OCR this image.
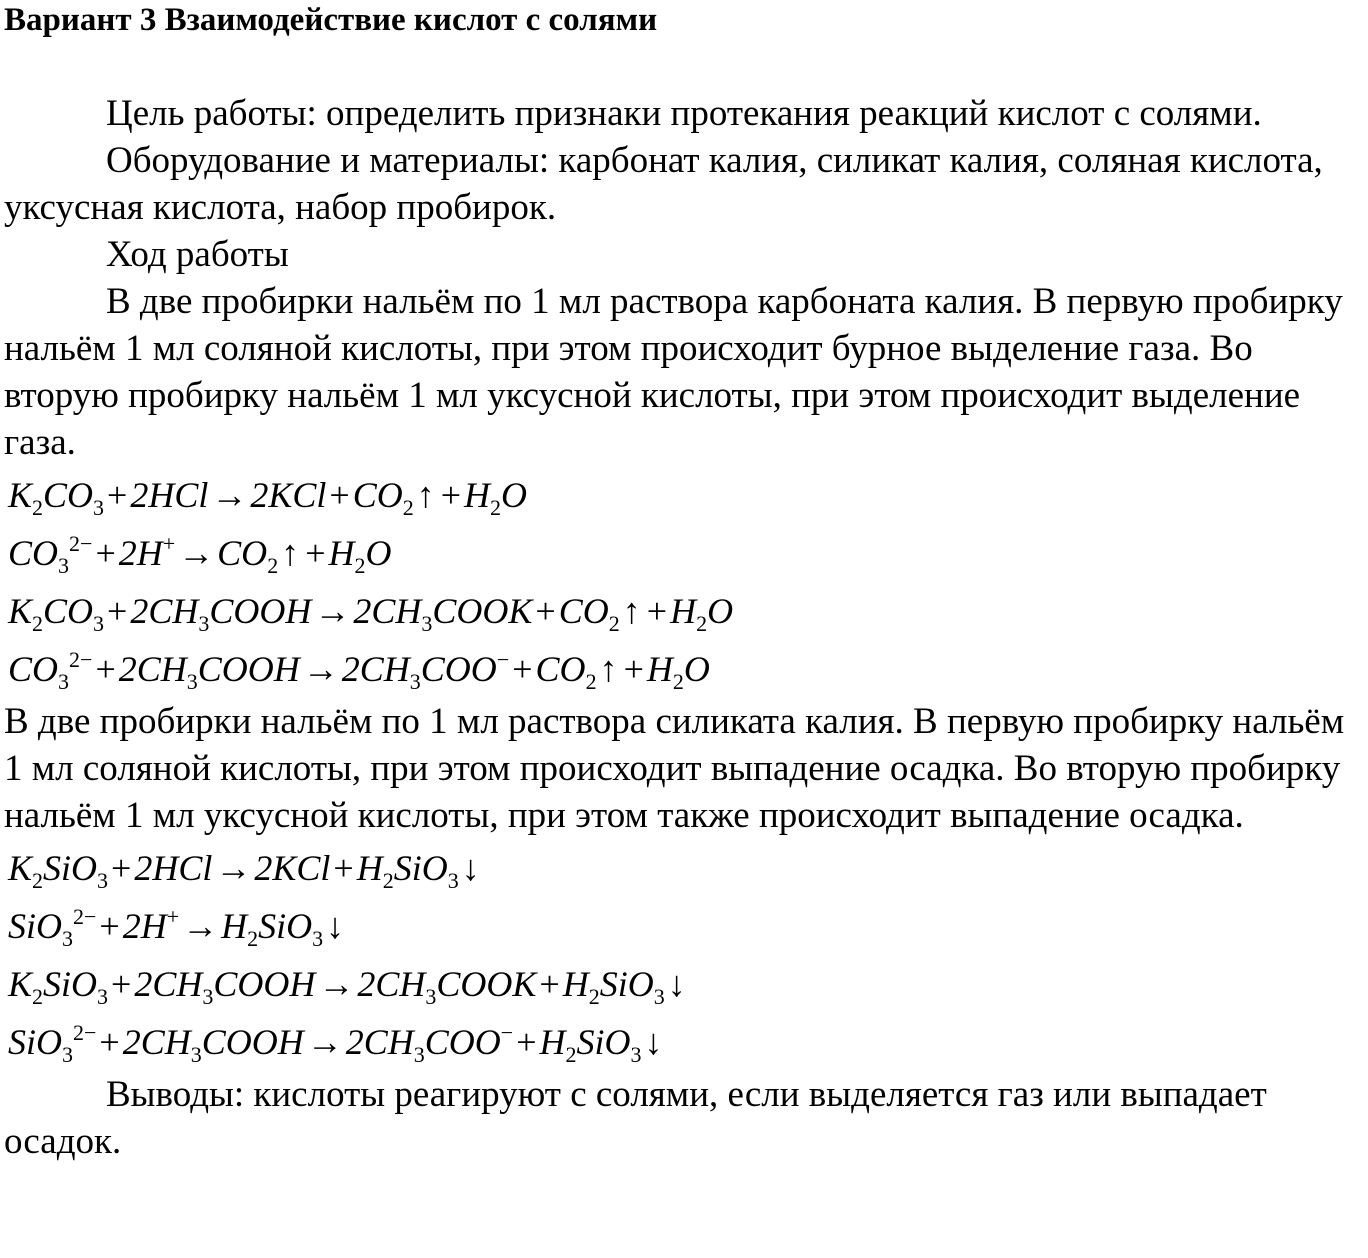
Вариант 3 Взаимодействие кислот с солями

Цель работы: определить признаки протекания реакций кислот с солями.

Оборудование и материалы: карбонат калия, силикат калия, соляная кислота, уксусная кислота, набор пробирок.

Ход работы

В две пробирки нальём по 1 мл раствора карбоната калия. В первую пробирку нальём 1 мл соляной кислоты, при этом происходит бурное выделение газа. Во вторую пробирку нальём 1 мл уксусной кислоты, при этом происходит выделение газа.

$K_2CO_3+2HCl\to 2KCl+CO_2↑ +H_2O$
$CO_3^{2-}+2H^+\to CO_2↑ +H_2O$
$K_2CO_3+2CH_3COOH\to 2CH_3COOK+CO_2↑ +H_2O$
$CO_3^{2-}+2CH_3COOH\to 2CH_3COO^-+CO_2↑ +H_2O$

В две пробирки нальём по 1 мл раствора силиката калия. В первую пробирку нальём 1 мл соляной кислоты, при этом происходит выпадение осадка. Во вторую пробирку нальём 1 мл уксусной кислоты, при этом также происходит выпадение осадка.

$K_2SiO_3+2HCl\to 2KCl+H_2SiO_3↓$
$SiO_3^{2-}+2H^+\to H_2SiO_3↓$
$K_2SiO_3+2CH_3COOH\to 2CH_3COOK+H_2SiO_3↓$
$SiO_3^{2-}+2CH_3COOH\to 2CH_3COO^-+H_2SiO_3↓$

Выводы: кислоты реагируют с солями, если выделяется газ или выпадает осадок.
